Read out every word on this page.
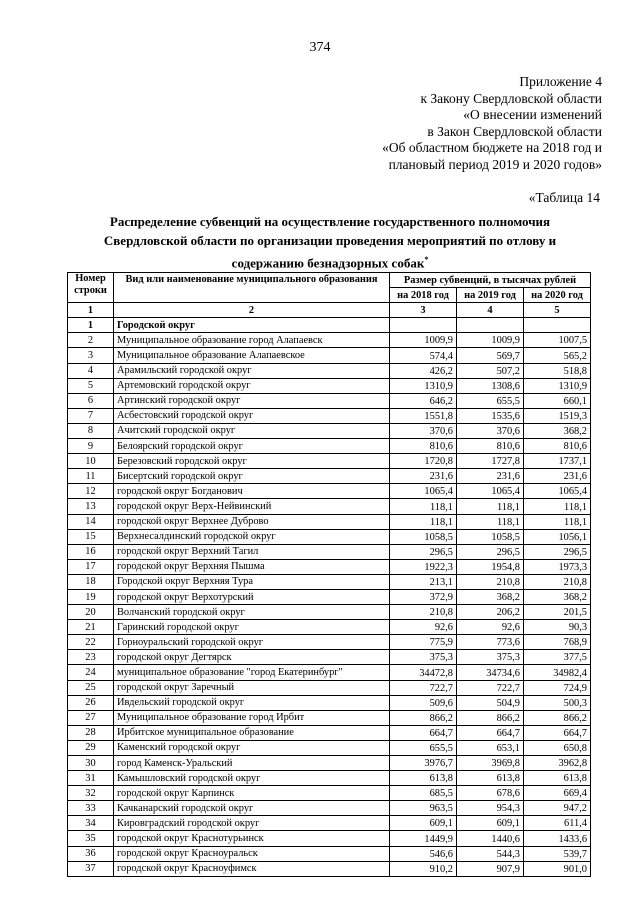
374
Приложение 4
к Закону Свердловской области
«О внесении изменений
в Закон Свердловской области
«Об областном бюджете на 2018 год и
плановый период 2019 и 2020 годов»
«Таблица 14
Распределение субвенций на осуществление государственного полномочия
Свердловской области по организации проведения мероприятий по отлову и
содержанию безнадзорных собак*
Номер строки	Вид или наименование муниципального образования	Размер субвенций, в тысячах рублей		
		на 2018 год	на 2019 год	на 2020 год
1	2	3	4	5
1	Городской округ			
2	Муниципальное образование город Алапаевск	1009,9	1009,9	1007,5
3	Муниципальное образование Алапаевское	574,4	569,7	565,2
4	Арамильский городской округ	426,2	507,2	518,8
5	Артемовский городской округ	1310,9	1308,6	1310,9
6	Артинский городской округ	646,2	655,5	660,1
7	Асбестовский городской округ	1551,8	1535,6	1519,3
8	Ачитский городской округ	370,6	370,6	368,2
9	Белоярский городской округ	810,6	810,6	810,6
10	Березовский городской округ	1720,8	1727,8	1737,1
11	Бисертский городской округ	231,6	231,6	231,6
12	городской округ Богданович	1065,4	1065,4	1065,4
13	городской округ Верх-Нейвинский	118,1	118,1	118,1
14	городской округ Верхнее Дуброво	118,1	118,1	118,1
15	Верхнесалдинский городской округ	1058,5	1058,5	1056,1
16	городской округ Верхний Тагил	296,5	296,5	296,5
17	городской округ Верхняя Пышма	1922,3	1954,8	1973,3
18	Городской округ Верхняя Тура	213,1	210,8	210,8
19	городской округ Верхотурский	372,9	368,2	368,2
20	Волчанский городской округ	210,8	206,2	201,5
21	Гаринский городской округ	92,6	92,6	90,3
22	Горноуральский городской округ	775,9	773,6	768,9
23	городской округ Дегтярск	375,3	375,3	377,5
24	муниципальное образование "город Екатеринбург"	34472,8	34734,6	34982,4
25	городской округ Заречный	722,7	722,7	724,9
26	Ивдельский городской округ	509,6	504,9	500,3
27	Муниципальное образование город Ирбит	866,2	866,2	866,2
28	Ирбитское муниципальное образование	664,7	664,7	664,7
29	Каменский городской округ	655,5	653,1	650,8
30	город Каменск-Уральский	3976,7	3969,8	3962,8
31	Камышловский городской округ	613,8	613,8	613,8
32	городской округ Карпинск	685,5	678,6	669,4
33	Качканарский городской округ	963,5	954,3	947,2
34	Кировградский городской округ	609,1	609,1	611,4
35	городской округ Краснотурьинск	1449,9	1440,6	1433,6
36	городской округ Красноуральск	546,6	544,3	539,7
37	городской округ Красноуфимск	910,2	907,9	901,0
